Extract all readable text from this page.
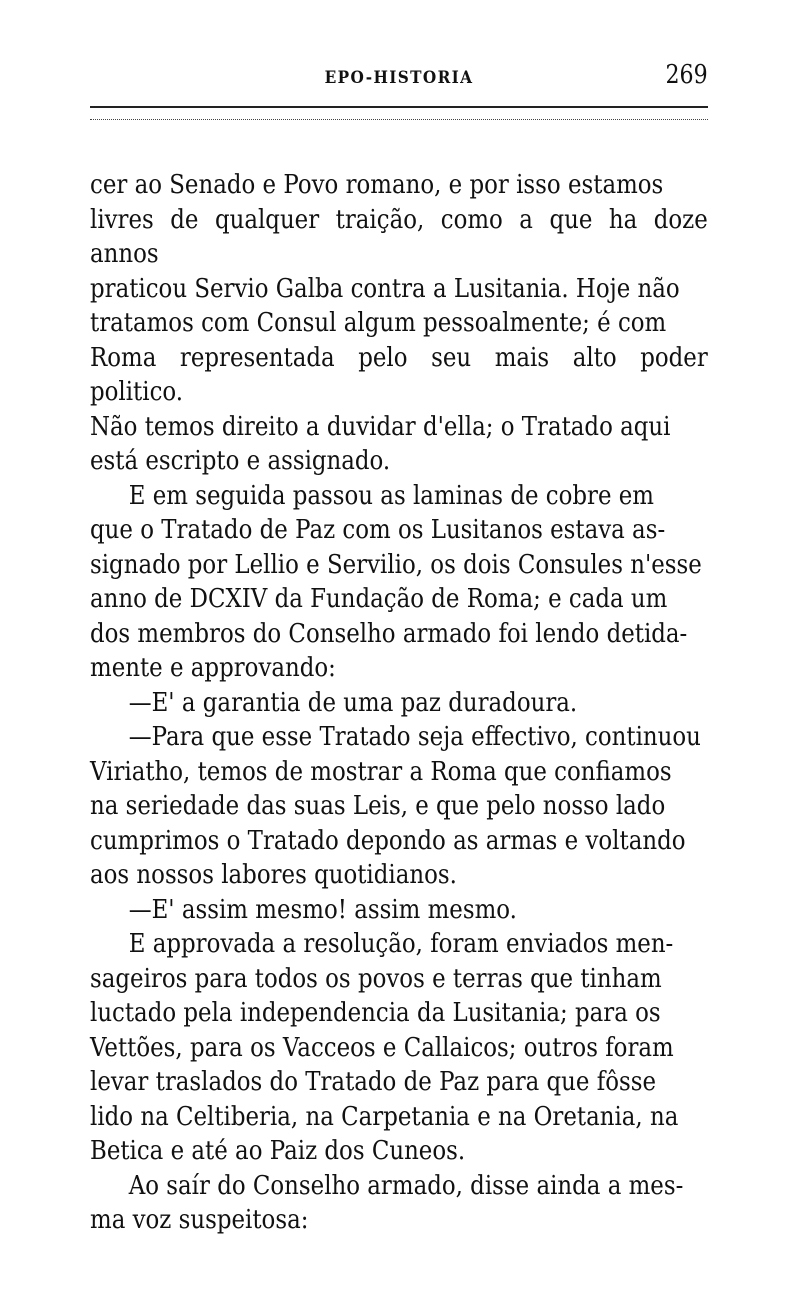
EPO-HISTORIA	269

cer ao Senado e Povo romano, e por isso estamos
livres de qualquer traição, como a que ha doze annos
praticou Servio Galba contra a Lusitania. Hoje não
tratamos com Consul algum pessoalmente; é com
Roma representada pelo seu mais alto poder politico.
Não temos direito a duvidar d'ella; o Tratado aqui
está escripto e assignado.

E em seguida passou as laminas de cobre em
que o Tratado de Paz com os Lusitanos estava as-
signado por Lellio e Servilio, os dois Consules n'esse
anno de DCXIV da Fundação de Roma; e cada um
dos membros do Conselho armado foi lendo detida-
mente e approvando:

—E' a garantia de uma paz duradoura.

—Para que esse Tratado seja effectivo, continuou
Viriatho, temos de mostrar a Roma que confiamos
na seriedade das suas Leis, e que pelo nosso lado
cumprimos o Tratado depondo as armas e voltando
aos nossos labores quotidianos.

—E' assim mesmo! assim mesmo.

E approvada a resolução, foram enviados men-
sageiros para todos os povos e terras que tinham
luctado pela independencia da Lusitania; para os
Vettões, para os Vacceos e Callaicos; outros foram
levar traslados do Tratado de Paz para que fôsse
lido na Celtiberia, na Carpetania e na Oretania, na
Betica e até ao Paiz dos Cuneos.

Ao saír do Conselho armado, disse ainda a mes-
ma voz suspeitosa:
